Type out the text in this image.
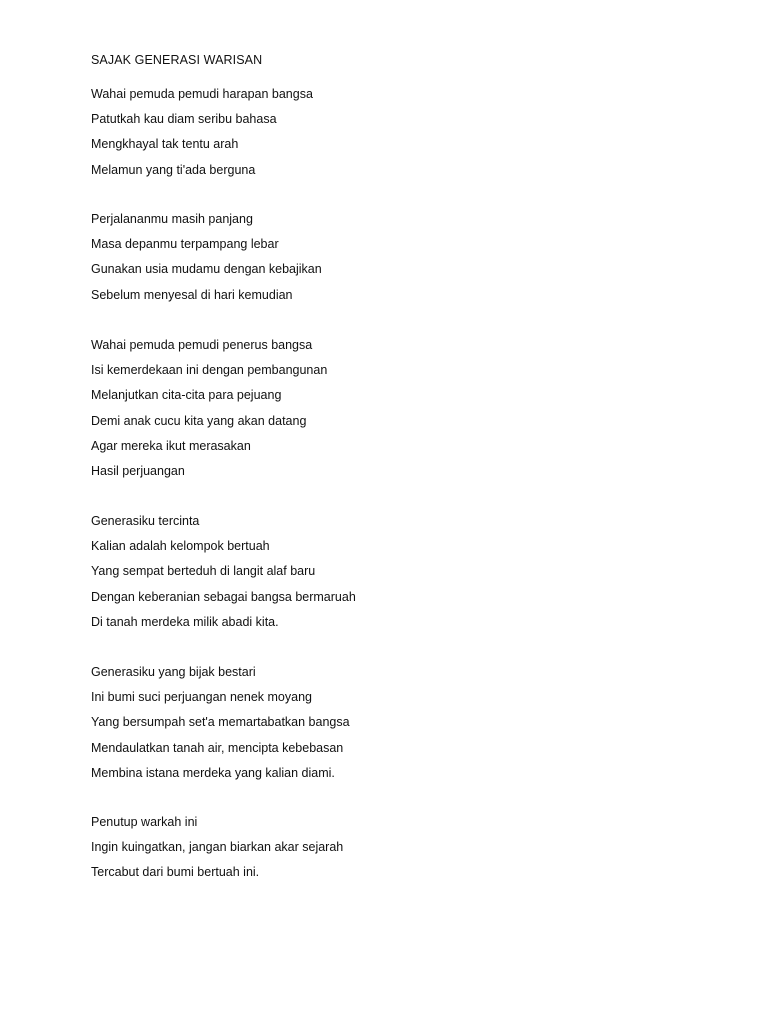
SAJAK GENERASI WARISAN
Wahai pemuda pemudi harapan bangsa
Patutkah kau diam seribu bahasa
Mengkhayal tak tentu arah
Melamun yang ti'ada berguna
Perjalananmu masih panjang
Masa depanmu terpampang lebar
Gunakan usia mudamu dengan kebajikan
Sebelum menyesal di hari kemudian
Wahai pemuda pemudi penerus bangsa
Isi kemerdekaan ini dengan pembangunan
Melanjutkan cita-cita para pejuang
Demi anak cucu kita yang akan datang
Agar mereka ikut merasakan
Hasil perjuangan
Generasiku tercinta
Kalian adalah kelompok bertuah
Yang sempat berteduh di langit alaf baru
Dengan keberanian sebagai bangsa bermaruah
Di tanah merdeka milik abadi kita.
Generasiku yang bijak bestari
Ini bumi suci perjuangan nenek moyang
Yang bersumpah set'a memartabatkan bangsa
Mendaulatkan tanah air, mencipta kebebasan
Membina istana merdeka yang kalian diami.
Penutup warkah ini
Ingin kuingatkan, jangan biarkan akar sejarah
Tercabut dari bumi bertuah ini.
